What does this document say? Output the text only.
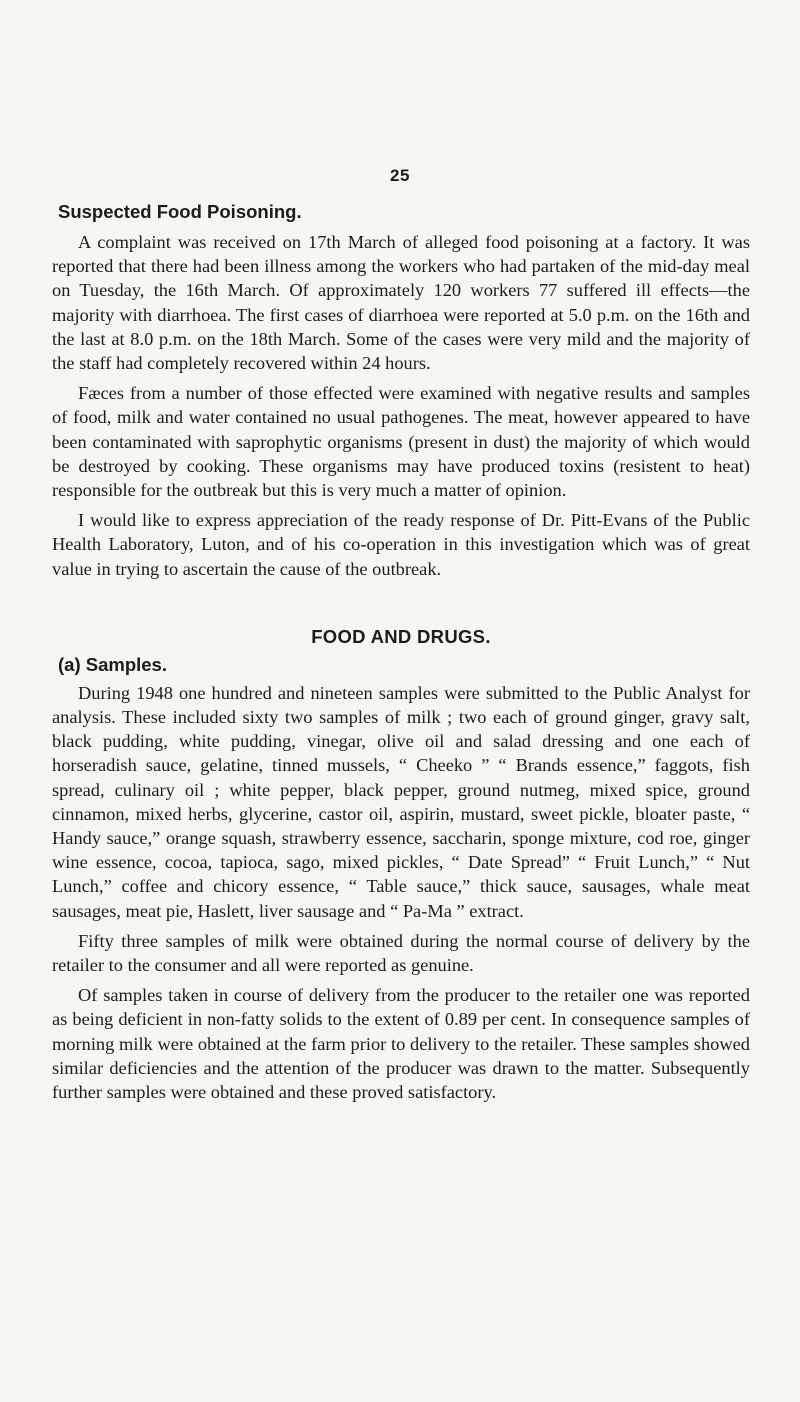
25
Suspected Food Poisoning.

A complaint was received on 17th March of alleged food poisoning at a factory. It was reported that there had been illness among the workers who had partaken of the mid-day meal on Tuesday, the 16th March. Of approximately 120 workers 77 suffered ill effects—the majority with diarrhoea. The first cases of diarrhoea were reported at 5.0 p.m. on the 16th and the last at 8.0 p.m. on the 18th March. Some of the cases were very mild and the majority of the staff had completely recovered within 24 hours.

Fæces from a number of those effected were examined with negative results and samples of food, milk and water contained no usual pathogenes. The meat, however appeared to have been contaminated with saprophytic organisms (present in dust) the majority of which would be destroyed by cooking. These organisms may have produced toxins (resistent to heat) responsible for the outbreak but this is very much a matter of opinion.

I would like to express appreciation of the ready response of Dr. Pitt-Evans of the Public Health Laboratory, Luton, and of his co-operation in this investigation which was of great value in trying to ascertain the cause of the outbreak.

FOOD AND DRUGS.
(a) Samples.

During 1948 one hundred and nineteen samples were submitted to the Public Analyst for analysis. These included sixty two samples of milk ; two each of ground ginger, gravy salt, black pudding, white pudding, vinegar, olive oil and salad dressing and one each of horseradish sauce, gelatine, tinned mussels, “ Cheeko ” “ Brands essence,” faggots, fish spread, culinary oil ; white pepper, black pepper, ground nutmeg, mixed spice, ground cinnamon, mixed herbs, glycerine, castor oil, aspirin, mustard, sweet pickle, bloater paste, “ Handy sauce,” orange squash, strawberry essence, saccharin, sponge mixture, cod roe, ginger wine essence, cocoa, tapioca, sago, mixed pickles, “ Date Spread” “ Fruit Lunch,” “ Nut Lunch,” coffee and chicory essence, “ Table sauce,” thick sauce, sausages, whale meat sausages, meat pie, Haslett, liver sausage and “ Pa-Ma ” extract.

Fifty three samples of milk were obtained during the normal course of delivery by the retailer to the consumer and all were reported as genuine.

Of samples taken in course of delivery from the producer to the retailer one was reported as being deficient in non-fatty solids to the extent of 0.89 per cent. In consequence samples of morning milk were obtained at the farm prior to delivery to the retailer. These samples showed similar deficiencies and the attention of the producer was drawn to the matter. Subsequently further samples were obtained and these proved satisfactory.
